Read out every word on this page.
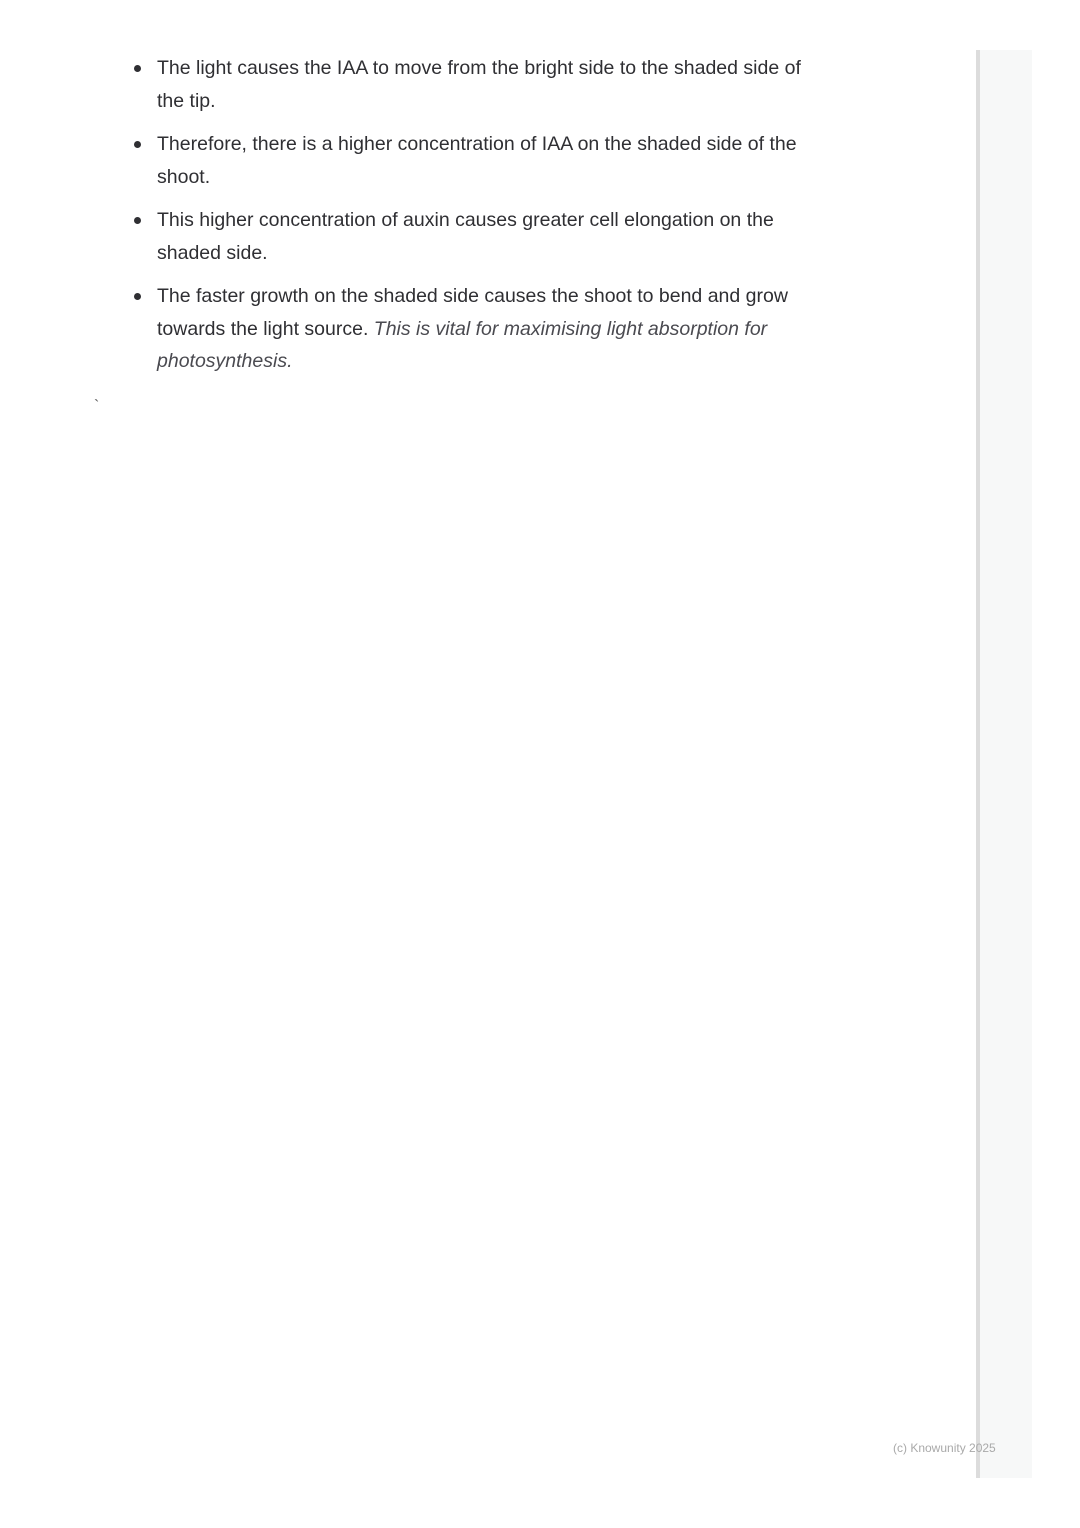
The light causes the IAA to move from the bright side to the shaded side of the tip.
Therefore, there is a higher concentration of IAA on the shaded side of the shoot.
This higher concentration of auxin causes greater cell elongation on the shaded side.
The faster growth on the shaded side causes the shoot to bend and grow towards the light source. This is vital for maximising light absorption for photosynthesis.
`
(c) Knowunity 2025
